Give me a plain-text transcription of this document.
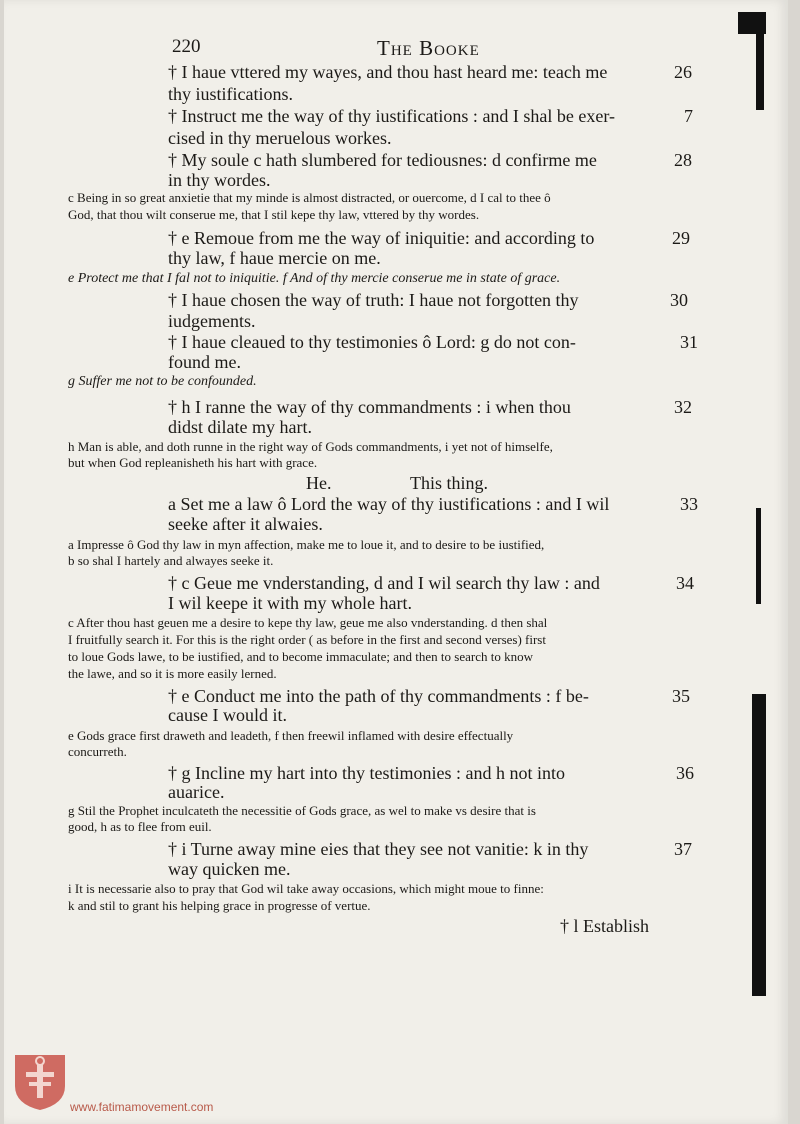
220	The Booke
† I haue vttered my wayes, and thou hast heard me: teach me	26
thy iustifications.
† Instruct me the way of thy iustifications : and I shal be exer-	7
cised in thy meruelous workes.
† My soule c hath slumbered for tediousnes: d confirme me	28
in thy wordes.
c Being in so great anxietie that my minde is almost distracted, or ouercome, d I cal to thee ô
God, that thou wilt conserue me, that I stil kepe thy law, vttered by thy wordes.
† e Remoue from me the way of iniquitie: and according to	29
thy law, f haue mercie on me.
e Protect me that I fal not to iniquitie. f And of thy mercie conserue me in state of grace.
† I haue chosen the way of truth: I haue not forgotten thy	30
iudgements.
† I haue cleaued to thy testimonies ô Lord: g do not con-	31
found me.
g Suffer me not to be confounded.
† h I ranne the way of thy commandments : i when thou	32
didst dilate my hart.
h Man is able, and doth runne in the right way of Gods commandments, i yet not of himselfe,
but when God repleanisheth his hart with grace.
He.	This thing.
a Set me a law ô Lord the way of thy iustifications : and I wil	33
seeke after it alwaies.
a Impresse ô God thy law in myn affection, make me to loue it, and to desire to be iustified,
b so shal I hartely and alwayes seeke it.
† c Geue me vnderstanding, d and I wil search thy law : and	34
I wil keepe it with my whole hart.
c After thou hast geuen me a desire to kepe thy law, geue me also vnderstanding. d then shal
I fruitfully search it. For this is the right order ( as before in the first and second verses) first
to loue Gods lawe, to be iustified, and to become immaculate; and then to search to know
the lawe, and so it is more easily lerned.
† e Conduct me into the path of thy commandments : f be-	35
cause I would it.
e Gods grace first draweth and leadeth, f then freewil inflamed with desire effectually
concurreth.
† g Incline my hart into thy testimonies : and h not into	36
auarice.
g Stil the Prophet inculcateth the necessitie of Gods grace, as wel to make vs desire that is
good, h as to flee from euil.
† i Turne away mine eies that they see not vanitie: k in thy	37
way quicken me.
i It is necessarie also to pray that God wil take away occasions, which might moue to finne:
k and stil to grant his helping grace in progresse of vertue.
† l Establish
www.fatimamovement.com
